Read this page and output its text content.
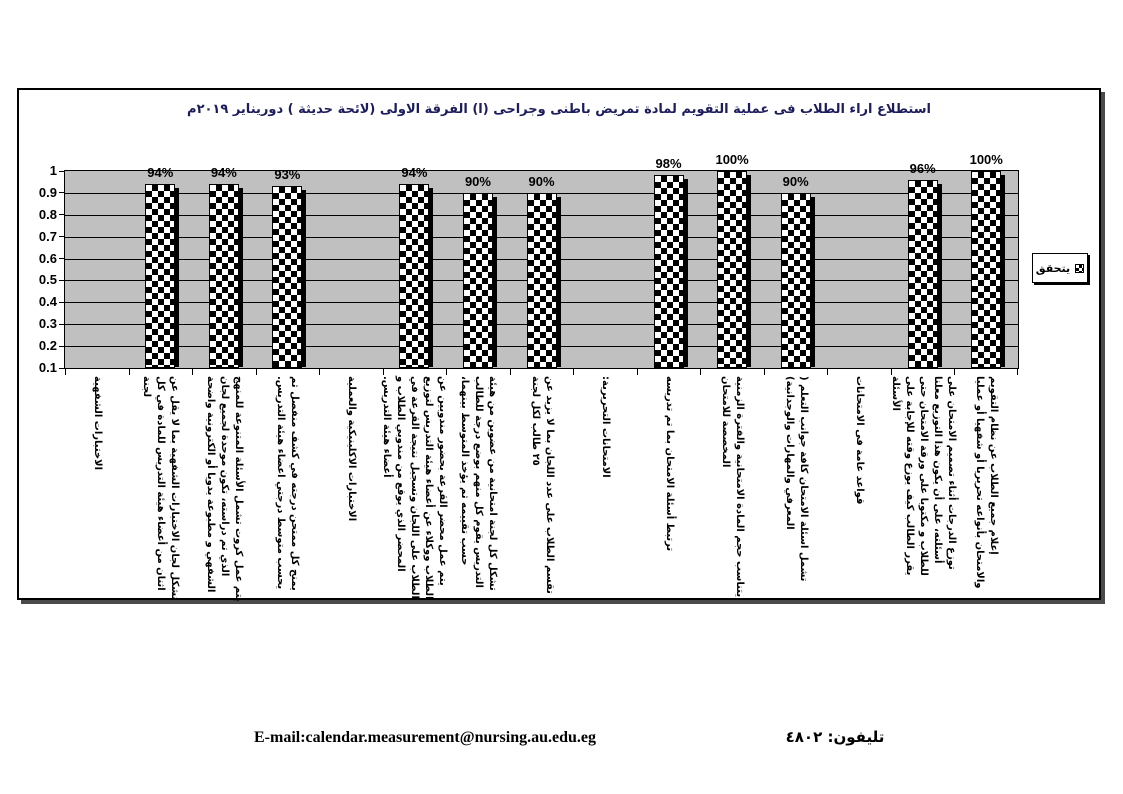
استطلاع اراء الطلاب فى عملية التقويم لمادة تمريض باطنى وجراحى (ا) الفرقة الاولى (لائحة حديثة ) دوريناير ٢٠١٩م
1
0.9
0.8
0.7
0.6
0.5
0.4
0.3
0.2
0.1
الاختبارات الشفهية	تشكل لجان الاختبارات الشفهية بما لا يقل عن اثنان من أعضاء هيئة التدريس للمادة في كل لجنة
94%
يتم عمل كروت تشمل الأسئلة المتنوعة للمنهج الذي تم دراسته، تكون موحدة لجميع لجان الشفهي و مطبوعة يدويا أو الكترونية واضحة
94%
يمنح كل ممتحن درجته في كشف منفصل ثم يحسب متوسط درجتي اعضاء هيئة التدريس.
93%
الاختبارات الاكلينيكية والعملية	يتم عمل محضر القرعة بحضور مندوبين عن الطلاب ووكلاء عن أعضاء هيئة التدريس لتوزيع الطلاب على اللجان وتسجيل نتيجة القرعة في المحضر الذي يوقع من مندوبي الطلاب و أعضاء هيئة التدريس.
94%
تشكل كل لجنة امتحانية من عضوين من هيئة التدريس يقوم كل منهم بوضع درجة للطالب حسب تقييمه ثم يؤخذ المتوسط بينهما،
90%
تقسم الطلاب على عدد اللجان بما لا يزيد عن ٢٥ طالب لكل لجنة
90%
الامتحانات التحريرية:	ترتبط أسئلة الامتحان بما تم تدريسه
98%
يتناسب حجم المادة الامتحانية والفترة الزمنية المخصصة للامتحان
100%
تشمل اسئلة الامتحان كافة جوانب التعلم ( المعرفي والمهارات والوجدانية)
90%
قواعد عامة فى الامتحانات	توزع الدرجات أثناء تصميم الامتحان على أسئلته، على أن يكون هذا التوزيع معلنا للطلاب و مكتوبا على ورقة الامتحان حتى يقرر الطالب كيف يوزع وقته للإجابة على الأسئلة
96%
إعلام جميع الطلاب عن نظام التقويم والامتحان بأنواعه تحريريا أو شفهيا أو عمليا
100%
يتحقق
E-mail:calendar.measurement@nursing.au.edu.eg	تليفون: ٤٨٠٢
